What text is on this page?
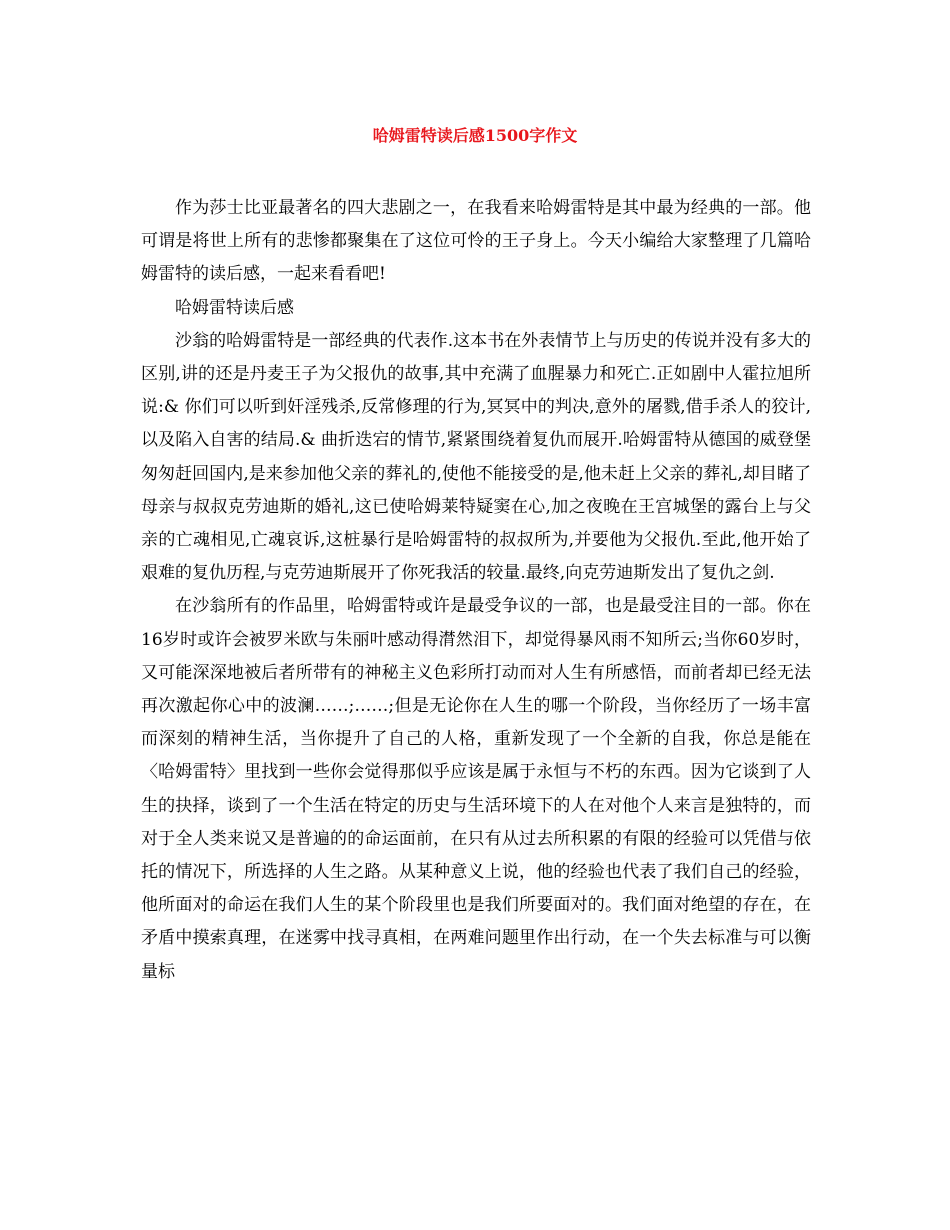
哈姆雷特读后感1500字作文

作为莎士比亚最著名的四大悲剧之一，在我看来哈姆雷特是其中最为经典的一部。他可谓是将世上所有的悲惨都聚集在了这位可怜的王子身上。今天小编给大家整理了几篇哈姆雷特的读后感，一起来看看吧!

哈姆雷特读后感

沙翁的哈姆雷特是一部经典的代表作.这本书在外表情节上与历史的传说并没有多大的区别,讲的还是丹麦王子为父报仇的故事,其中充满了血腥暴力和死亡.正如剧中人霍拉旭所说:& 你们可以听到奸淫残杀,反常修理的行为,冥冥中的判决,意外的屠戮,借手杀人的狡计,以及陷入自害的结局.& 曲折迭宕的情节,紧紧围绕着复仇而展开.哈姆雷特从德国的威登堡匆匆赶回国内,是来参加他父亲的葬礼的,使他不能接受的是,他未赶上父亲的葬礼,却目睹了母亲与叔叔克劳迪斯的婚礼,这已使哈姆莱特疑窦在心,加之夜晚在王宫城堡的露台上与父亲的亡魂相见,亡魂哀诉,这桩暴行是哈姆雷特的叔叔所为,并要他为父报仇.至此,他开始了艰难的复仇历程,与克劳迪斯展开了你死我活的较量.最终,向克劳迪斯发出了复仇之剑.

在沙翁所有的作品里，哈姆雷特或许是最受争议的一部，也是最受注目的一部。你在16岁时或许会被罗米欧与朱丽叶感动得潸然泪下，却觉得暴风雨不知所云;当你60岁时，又可能深深地被后者所带有的神秘主义色彩所打动而对人生有所感悟，而前者却已经无法再次激起你心中的波澜……;……;但是无论你在人生的哪一个阶段，当你经历了一场丰富而深刻的精神生活，当你提升了自己的人格，重新发现了一个全新的自我，你总是能在〈哈姆雷特〉里找到一些你会觉得那似乎应该是属于永恒与不朽的东西。因为它谈到了人生的抉择，谈到了一个生活在特定的历史与生活环境下的人在对他个人来言是独特的，而对于全人类来说又是普遍的的命运面前，在只有从过去所积累的有限的经验可以凭借与依托的情况下，所选择的人生之路。从某种意义上说，他的经验也代表了我们自己的经验，他所面对的命运在我们人生的某个阶段里也是我们所要面对的。我们面对绝望的存在，在矛盾中摸索真理，在迷雾中找寻真相，在两难问题里作出行动，在一个失去标准与可以衡量标
